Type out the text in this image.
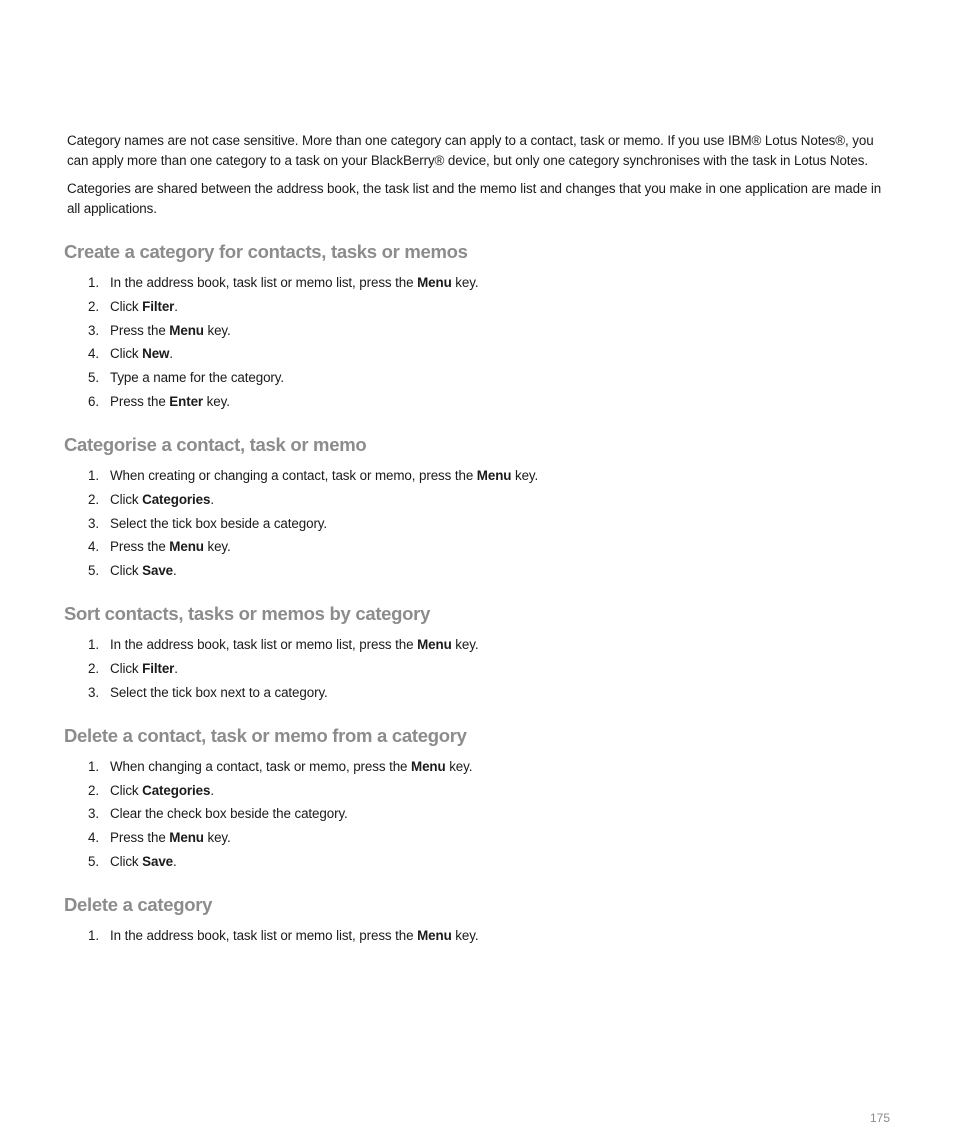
Category names are not case sensitive. More than one category can apply to a contact, task or memo. If you use IBM® Lotus Notes®, you can apply more than one category to a task on your BlackBerry® device, but only one category synchronises with the task in Lotus Notes.

Categories are shared between the address book, the task list and the memo list and changes that you make in one application are made in all applications.

Create a category for contacts, tasks or memos
1. In the address book, task list or memo list, press the Menu key.
2. Click Filter.
3. Press the Menu key.
4. Click New.
5. Type a name for the category.
6. Press the Enter key.
Categorise a contact, task or memo
1. When creating or changing a contact, task or memo, press the Menu key.
2. Click Categories.
3. Select the tick box beside a category.
4. Press the Menu key.
5. Click Save.
Sort contacts, tasks or memos by category
1. In the address book, task list or memo list, press the Menu key.
2. Click Filter.
3. Select the tick box next to a category.
Delete a contact, task or memo from a category
1. When changing a contact, task or memo, press the Menu key.
2. Click Categories.
3. Clear the check box beside the category.
4. Press the Menu key.
5. Click Save.
Delete a category
1. In the address book, task list or memo list, press the Menu key.
175
